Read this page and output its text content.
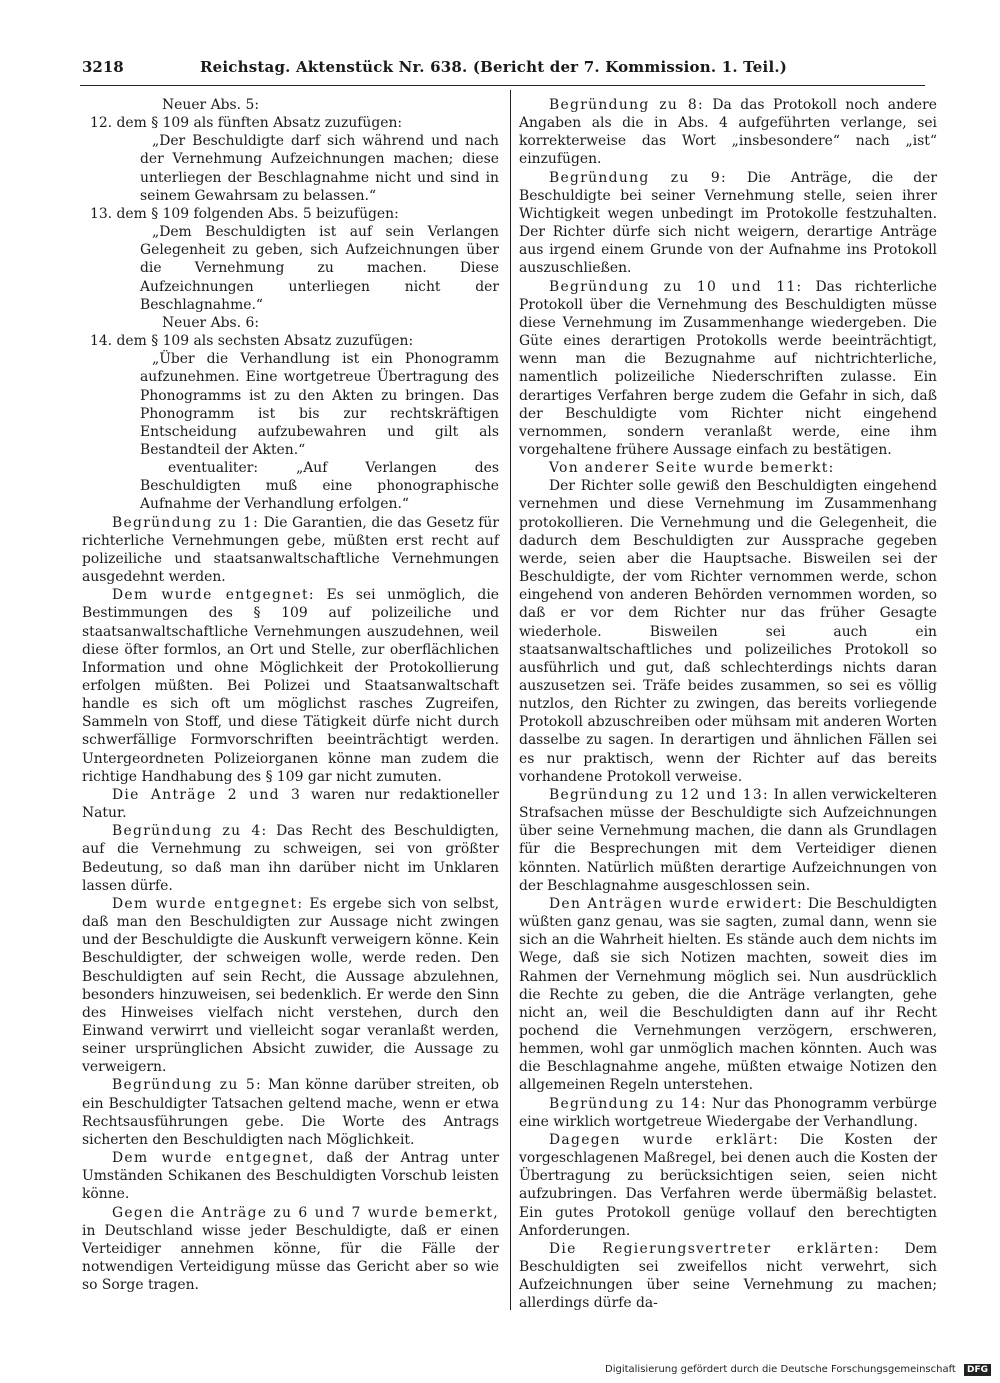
3218	Reichstag. Aktenstück Nr. 638. (Bericht der 7. Kommission. 1. Teil.)

Neuer Abs. 5:

12. dem § 109 als fünften Absatz zuzufügen:

„Der Beschuldigte darf sich während und nach der Vernehmung Aufzeichnungen machen; diese unterliegen der Beschlagnahme nicht und sind in seinem Gewahrsam zu belassen.“

13. dem § 109 folgenden Abs. 5 beizufügen:

„Dem Beschuldigten ist auf sein Verlangen Gelegenheit zu geben, sich Aufzeichnungen über die Vernehmung zu machen. Diese Aufzeichnungen unterliegen nicht der Beschlagnahme.“

Neuer Abs. 6:

14. dem § 109 als sechsten Absatz zuzufügen:

„Über die Verhandlung ist ein Phonogramm aufzunehmen. Eine wortgetreue Übertragung des Phonogramms ist zu den Akten zu bringen. Das Phonogramm ist bis zur rechtskräftigen Entscheidung aufzubewahren und gilt als Bestandteil der Akten.“

eventualiter: „Auf Verlangen des Beschuldigten muß eine phonographische Aufnahme der Verhandlung erfolgen.“

Begründung zu 1: Die Garantien, die das Gesetz für richterliche Vernehmungen gebe, müßten erst recht auf polizeiliche und staatsanwaltschaftliche Vernehmungen ausgedehnt werden.

Dem wurde entgegnet: Es sei unmöglich, die Bestimmungen des § 109 auf polizeiliche und staatsanwaltschaftliche Vernehmungen auszudehnen, weil diese öfter formlos, an Ort und Stelle, zur oberflächlichen Information und ohne Möglichkeit der Protokollierung erfolgen müßten. Bei Polizei und Staatsanwaltschaft handle es sich oft um möglichst rasches Zugreifen, Sammeln von Stoff, und diese Tätigkeit dürfe nicht durch schwerfällige Formvorschriften beeinträchtigt werden. Untergeordneten Polizeiorganen könne man zudem die richtige Handhabung des § 109 gar nicht zumuten.

Die Anträge 2 und 3 waren nur redaktioneller Natur.

Begründung zu 4: Das Recht des Beschuldigten, auf die Vernehmung zu schweigen, sei von größter Bedeutung, so daß man ihn darüber nicht im Unklaren lassen dürfe.

Dem wurde entgegnet: Es ergebe sich von selbst, daß man den Beschuldigten zur Aussage nicht zwingen und der Beschuldigte die Auskunft verweigern könne. Kein Beschuldigter, der schweigen wolle, werde reden. Den Beschuldigten auf sein Recht, die Aussage abzulehnen, besonders hinzuweisen, sei bedenklich. Er werde den Sinn des Hinweises vielfach nicht verstehen, durch den Einwand verwirrt und vielleicht sogar veranlaßt werden, seiner ursprünglichen Absicht zuwider, die Aussage zu verweigern.

Begründung zu 5: Man könne darüber streiten, ob ein Beschuldigter Tatsachen geltend mache, wenn er etwa Rechtsausführungen gebe. Die Worte des Antrags sicherten den Beschuldigten nach Möglichkeit.

Dem wurde entgegnet, daß der Antrag unter Umständen Schikanen des Beschuldigten Vorschub leisten könne.

Gegen die Anträge zu 6 und 7 wurde bemerkt, in Deutschland wisse jeder Beschuldigte, daß er einen Verteidiger annehmen könne, für die Fälle der notwendigen Verteidigung müsse das Gericht aber so wie so Sorge tragen.

Begründung zu 8: Da das Protokoll noch andere Angaben als die in Abs. 4 aufgeführten verlange, sei korrekterweise das Wort „insbesondere“ nach „ist“ einzufügen.

Begründung zu 9: Die Anträge, die der Beschuldigte bei seiner Vernehmung stelle, seien ihrer Wichtigkeit wegen unbedingt im Protokolle festzuhalten. Der Richter dürfe sich nicht weigern, derartige Anträge aus irgend einem Grunde von der Aufnahme ins Protokoll auszuschließen.

Begründung zu 10 und 11: Das richterliche Protokoll über die Vernehmung des Beschuldigten müsse diese Vernehmung im Zusammenhange wiedergeben. Die Güte eines derartigen Protokolls werde beeinträchtigt, wenn man die Bezugnahme auf nichtrichterliche, namentlich polizeiliche Niederschriften zulasse. Ein derartiges Verfahren berge zudem die Gefahr in sich, daß der Beschuldigte vom Richter nicht eingehend vernommen, sondern veranlaßt werde, eine ihm vorgehaltene frühere Aussage einfach zu bestätigen.

Von anderer Seite wurde bemerkt:

Der Richter solle gewiß den Beschuldigten eingehend vernehmen und diese Vernehmung im Zusammenhang protokollieren. Die Vernehmung und die Gelegenheit, die dadurch dem Beschuldigten zur Aussprache gegeben werde, seien aber die Hauptsache. Bisweilen sei der Beschuldigte, der vom Richter vernommen werde, schon eingehend von anderen Behörden vernommen worden, so daß er vor dem Richter nur das früher Gesagte wiederhole. Bisweilen sei auch ein staatsanwaltschaftliches und polizeiliches Protokoll so ausführlich und gut, daß schlechterdings nichts daran auszusetzen sei. Träfe beides zusammen, so sei es völlig nutzlos, den Richter zu zwingen, das bereits vorliegende Protokoll abzuschreiben oder mühsam mit anderen Worten dasselbe zu sagen. In derartigen und ähnlichen Fällen sei es nur praktisch, wenn der Richter auf das bereits vorhandene Protokoll verweise.

Begründung zu 12 und 13: In allen verwickelteren Strafsachen müsse der Beschuldigte sich Aufzeichnungen über seine Vernehmung machen, die dann als Grundlagen für die Besprechungen mit dem Verteidiger dienen könnten. Natürlich müßten derartige Aufzeichnungen von der Beschlagnahme ausgeschlossen sein.

Den Anträgen wurde erwidert: Die Beschuldigten wüßten ganz genau, was sie sagten, zumal dann, wenn sie sich an die Wahrheit hielten. Es stände auch dem nichts im Wege, daß sie sich Notizen machten, soweit dies im Rahmen der Vernehmung möglich sei. Nun ausdrücklich die Rechte zu geben, die die Anträge verlangten, gehe nicht an, weil die Beschuldigten dann auf ihr Recht pochend die Vernehmungen verzögern, erschweren, hemmen, wohl gar unmöglich machen könnten. Auch was die Beschlagnahme angehe, müßten etwaige Notizen den allgemeinen Regeln unterstehen.

Begründung zu 14: Nur das Phonogramm verbürge eine wirklich wortgetreue Wiedergabe der Verhandlung.

Dagegen wurde erklärt: Die Kosten der vorgeschlagenen Maßregel, bei denen auch die Kosten der Übertragung zu berücksichtigen seien, seien nicht aufzubringen. Das Verfahren werde übermäßig belastet. Ein gutes Protokoll genüge vollauf den berechtigten Anforderungen.

Die Regierungsvertreter erklärten: Dem Beschuldigten sei zweifellos nicht verwehrt, sich Aufzeichnungen über seine Vernehmung zu machen; allerdings dürfe da-

Digitalisierung gefördert durch die Deutsche Forschungsgemeinschaft DFG
